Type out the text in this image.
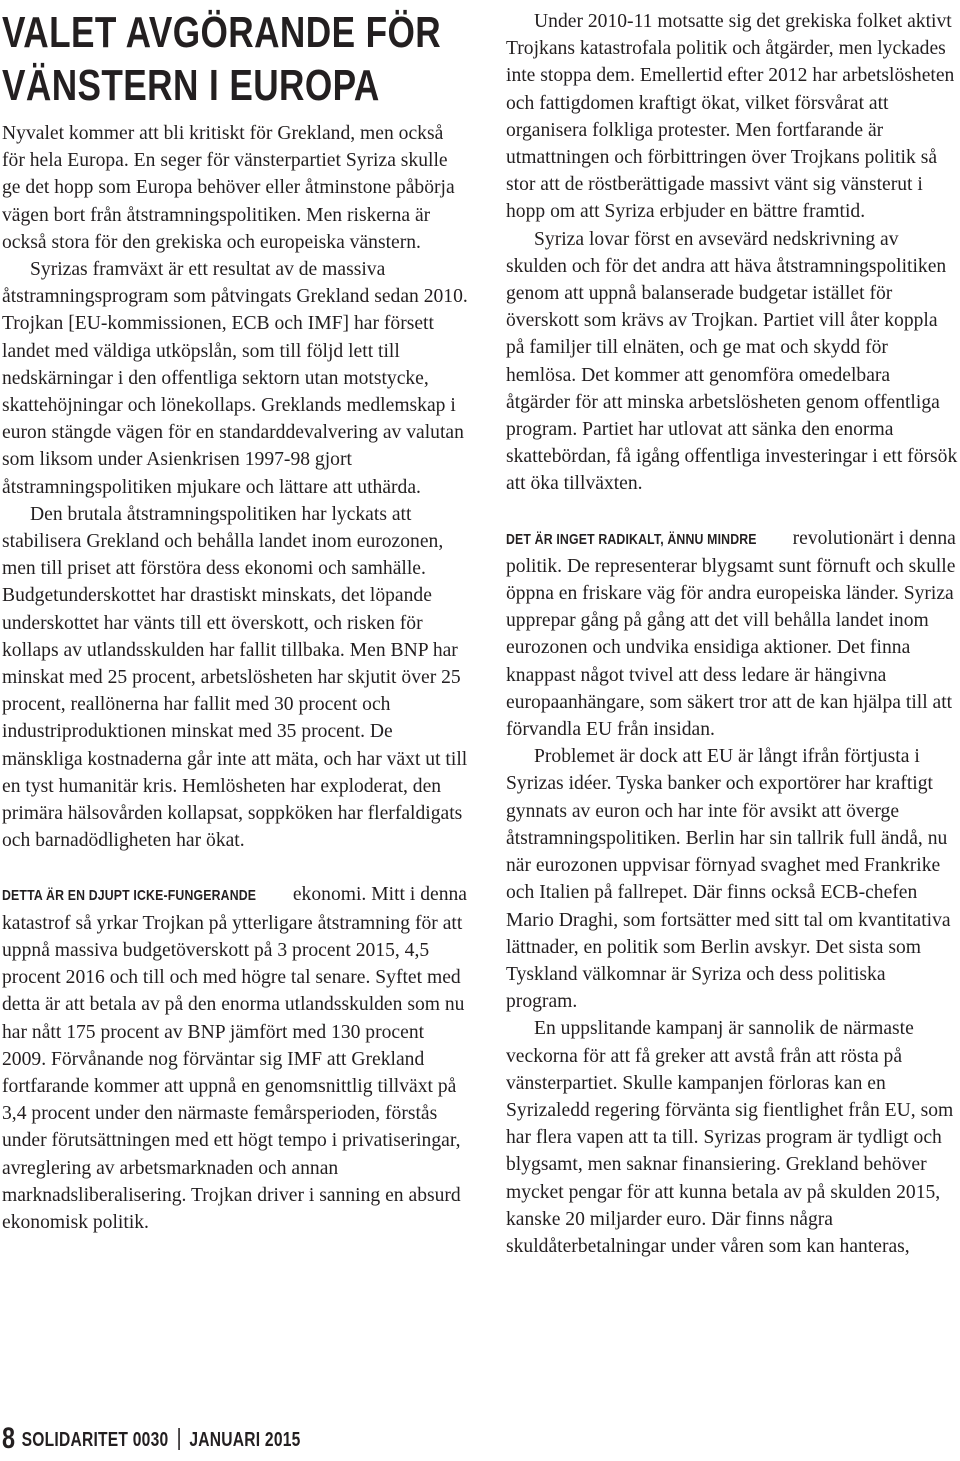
VALET AVGÖRANDE FÖR
VÄNSTERN I EUROPA

Nyvalet kommer att bli kritiskt för Grekland, men också för hela Europa. En seger för vänsterpartiet Syriza skulle ge det hopp som Europa behöver eller åtminstone påbörja vägen bort från åtstramningspolitiken. Men riskerna är också stora för den grekiska och europeiska vänstern.

Syrizas framväxt är ett resultat av de massiva åtstramningsprogram som påtvingats Grekland sedan 2010. Trojkan [EU-kommissionen, ECB och IMF] har försett landet med väldiga utköpslån, som till följd lett till nedskärningar i den offentliga sektorn utan motstycke, skattehöjningar och lönekollaps. Greklands medlemskap i euron stängde vägen för en standarddevalvering av valutan som liksom under Asienkrisen 1997-98 gjort åtstramningspolitiken mjukare och lättare att uthärda.

Den brutala åtstramningspolitiken har lyckats att stabilisera Grekland och behålla landet inom eurozonen, men till priset att förstöra dess ekonomi och samhälle. Budgetunderskottet har drastiskt minskats, det löpande underskottet har vänts till ett överskott, och risken för kollaps av utlandsskulden har fallit tillbaka. Men BNP har minskat med 25 procent, arbetslösheten har skjutit över 25 procent, reallönerna har fallit med 30 procent och industriproduktionen minskat med 35 procent. De mänskliga kostnaderna går inte att mäta, och har växt ut till en tyst humanitär kris. Hemlösheten har exploderat, den primära hälsovården kollapsat, soppköken har flerfaldigats och barnadödligheten har ökat.

DETTA ÄR EN DJUPT ICKE-FUNGERANDE ekonomi. Mitt i denna katastrof så yrkar Trojkan på ytterligare åtstramning för att uppnå massiva budgetöverskott på 3 procent 2015, 4,5 procent 2016 och till och med högre tal senare. Syftet med detta är att betala av på den enorma utlandsskulden som nu har nått 175 procent av BNP jämfört med 130 procent 2009. Förvånande nog förväntar sig IMF att Grekland fortfarande kommer att uppnå en genomsnittlig tillväxt på 3,4 procent under den närmaste femårsperioden, förstås under förutsättningen med ett högt tempo i privatiseringar, avreglering av arbetsmarknaden och annan marknadsliberalisering. Trojkan driver i sanning en absurd ekonomisk politik.

Under 2010-11 motsatte sig det grekiska folket aktivt Trojkans katastrofala politik och åtgärder, men lyckades inte stoppa dem. Emellertid efter 2012 har arbetslösheten och fattigdomen kraftigt ökat, vilket försvårat att organisera folkliga protester. Men fortfarande är utmattningen och förbittringen över Trojkans politik så stor att de röstberättigade massivt vänt sig vänsterut i hopp om att Syriza erbjuder en bättre framtid.

Syriza lovar först en avsevärd nedskrivning av skulden och för det andra att häva åtstramningspolitiken genom att uppnå balanserade budgetar istället för överskott som krävs av Trojkan. Partiet vill åter koppla på familjer till elnäten, och ge mat och skydd för hemlösa. Det kommer att genomföra omedelbara åtgärder för att minska arbetslösheten genom offentliga program. Partiet har utlovat att sänka den enorma skattebördan, få igång offentliga investeringar i ett försök att öka tillväxten.

DET ÄR INGET RADIKALT, ÄNNU MINDRE revolutionärt i denna politik. De representerar blygsamt sunt förnuft och skulle öppna en friskare väg för andra europeiska länder. Syriza upprepar gång på gång att det vill behålla landet inom eurozonen och undvika ensidiga aktioner. Det finna knappast något tvivel att dess ledare är hängivna europaanhängare, som säkert tror att de kan hjälpa till att förvandla EU från insidan.

Problemet är dock att EU är långt ifrån förtjusta i Syrizas idéer. Tyska banker och exportörer har kraftigt gynnats av euron och har inte för avsikt att överge åtstramningspolitiken. Berlin har sin tallrik full ändå, nu när eurozonen uppvisar förnyad svaghet med Frankrike och Italien på fallrepet. Där finns också ECB-chefen Mario Draghi, som fortsätter med sitt tal om kvantitativa lättnader, en politik som Berlin avskyr. Det sista som Tyskland välkomnar är Syriza och dess politiska program.

En uppslitande kampanj är sannolik de närmaste veckorna för att få greker att avstå från att rösta på vänsterpartiet. Skulle kampanjen förloras kan en Syrizaledd regering förvänta sig fientlighet från EU, som har flera vapen att ta till. Syrizas program är tydligt och blygsamt, men saknar finansiering. Grekland behöver mycket pengar för att kunna betala av på skulden 2015, kanske 20 miljarder euro. Där finns några skuldåterbetalningar under våren som kan hanteras,

8 SOLIDARITET 0030 JANUARI 2015
